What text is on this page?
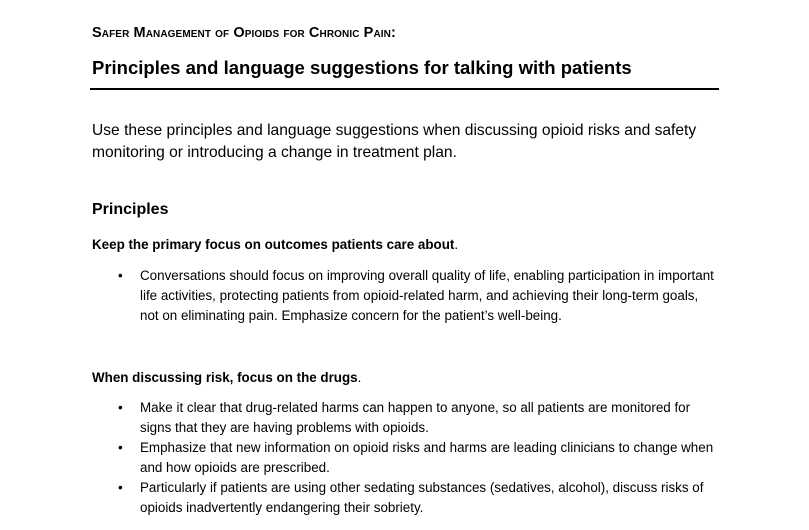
Safer Management of Opioids for Chronic Pain:
Principles and language suggestions for talking with patients
Use these principles and language suggestions when discussing opioid risks and safety monitoring or introducing a change in treatment plan.
Principles
Keep the primary focus on outcomes patients care about.
•	Conversations should focus on improving overall quality of life, enabling participation in important life activities, protecting patients from opioid-related harm, and achieving their long-term goals, not on eliminating pain. Emphasize concern for the patient’s well-being.
When discussing risk, focus on the drugs.
•	Make it clear that drug-related harms can happen to anyone, so all patients are monitored for signs that they are having problems with opioids.
•	Emphasize that new information on opioid risks and harms are leading clinicians to change when and how opioids are prescribed.
•	Particularly if patients are using other sedating substances (sedatives, alcohol), discuss risks of opioids inadvertently endangering their sobriety.
